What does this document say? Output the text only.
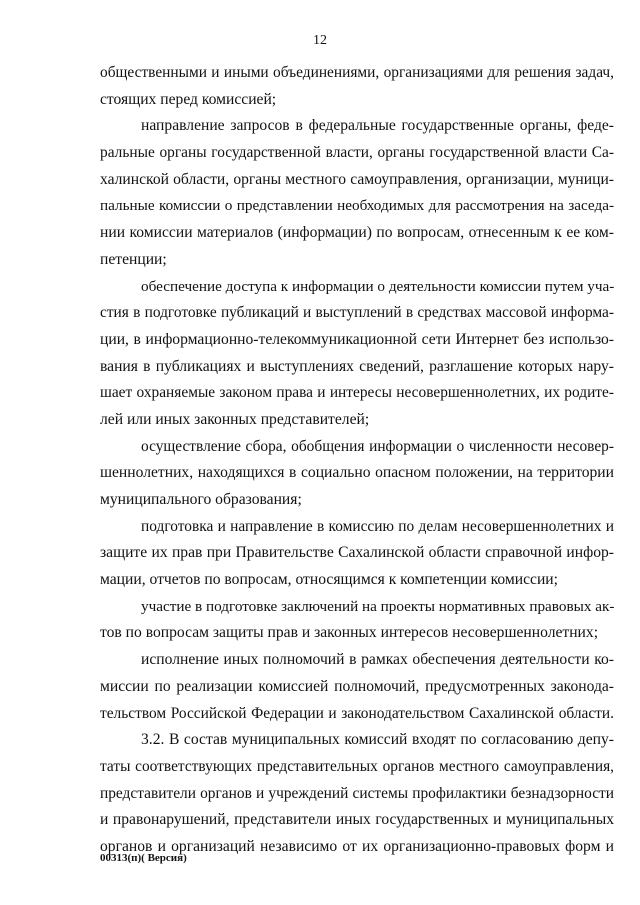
12
общественными и иными объединениями, организациями для решения задач,
стоящих перед комиссией;
направление запросов в федеральные государственные органы, феде-
ральные органы государственной власти, органы государственной власти Са-
халинской области, органы местного самоуправления, организации, муници-
пальные комиссии о представлении необходимых для рассмотрения на заседа-
нии комиссии материалов (информации) по вопросам, отнесенным к ее ком-
петенции;
обеспечение доступа к информации о деятельности комиссии путем уча-
стия в подготовке публикаций и выступлений в средствах массовой информа-
ции, в информационно-телекоммуникационной сети Интернет без использо-
вания в публикациях и выступлениях сведений, разглашение которых нару-
шает охраняемые законом права и интересы несовершеннолетних, их родите-
лей или иных законных представителей;
осуществление сбора, обобщения информации о численности несовер-
шеннолетних, находящихся в социально опасном положении, на территории
муниципального образования;
подготовка и направление в комиссию по делам несовершеннолетних и
защите их прав при Правительстве Сахалинской области справочной инфор-
мации, отчетов по вопросам, относящимся к компетенции комиссии;
участие в подготовке заключений на проекты нормативных правовых ак-
тов по вопросам защиты прав и законных интересов несовершеннолетних;
исполнение иных полномочий в рамках обеспечения деятельности ко-
миссии по реализации комиссией полномочий, предусмотренных законода-
тельством Российской Федерации и законодательством Сахалинской области.
3.2. В состав муниципальных комиссий входят по согласованию депу-
таты соответствующих представительных органов местного самоуправления,
представители органов и учреждений системы профилактики безнадзорности
и правонарушений, представители иных государственных и муниципальных
органов и организаций независимо от их организационно-правовых форм и
00313(п)( Версия)
